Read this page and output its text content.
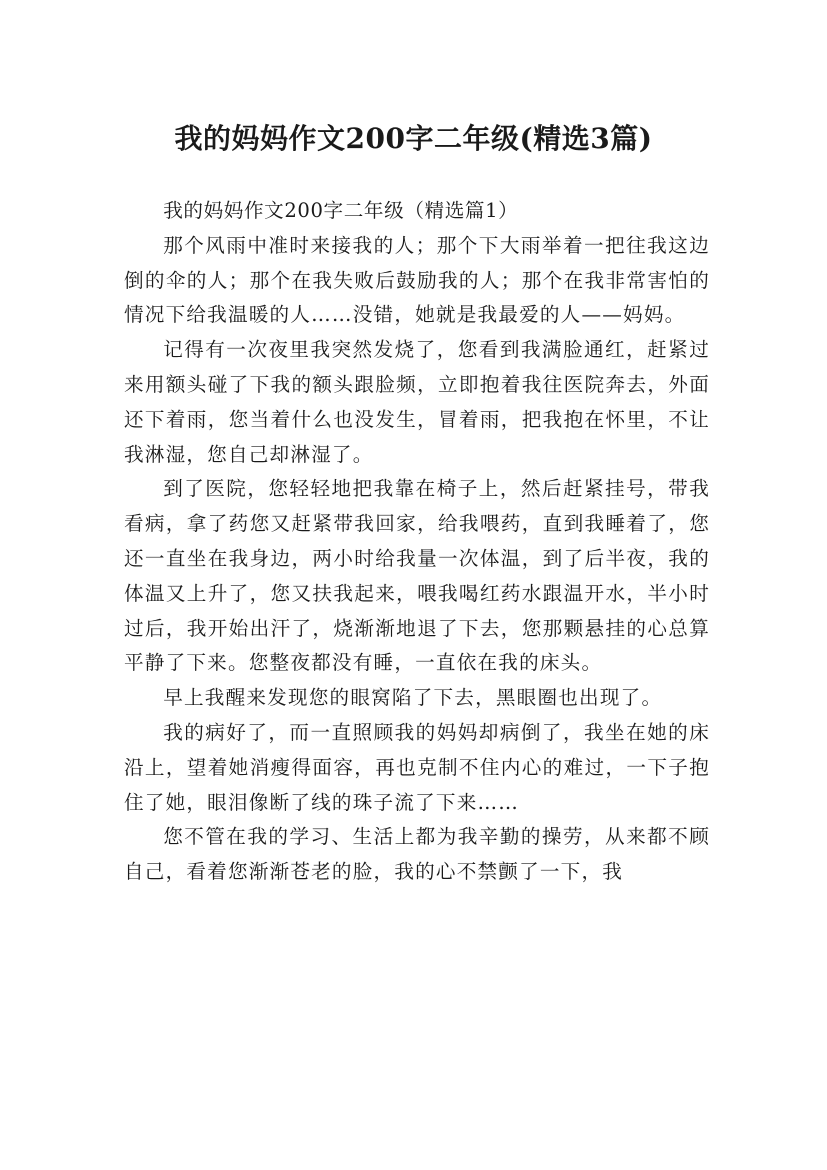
我的妈妈作文200字二年级(精选3篇)

我的妈妈作文200字二年级（精选篇1）

那个风雨中准时来接我的人；那个下大雨举着一把往我这边倒的伞的人；那个在我失败后鼓励我的人；那个在我非常害怕的情况下给我温暖的人……没错，她就是我最爱的人——妈妈。

记得有一次夜里我突然发烧了，您看到我满脸通红，赶紧过来用额头碰了下我的额头跟脸频，立即抱着我往医院奔去，外面还下着雨，您当着什么也没发生，冒着雨，把我抱在怀里，不让我淋湿，您自己却淋湿了。

到了医院，您轻轻地把我靠在椅子上，然后赶紧挂号，带我看病，拿了药您又赶紧带我回家，给我喂药，直到我睡着了，您还一直坐在我身边，两小时给我量一次体温，到了后半夜，我的体温又上升了，您又扶我起来，喂我喝红药水跟温开水，半小时过后，我开始出汗了，烧渐渐地退了下去，您那颗悬挂的心总算平静了下来。您整夜都没有睡，一直依在我的床头。

早上我醒来发现您的眼窝陷了下去，黑眼圈也出现了。

我的病好了，而一直照顾我的妈妈却病倒了，我坐在她的床沿上，望着她消瘦得面容，再也克制不住内心的难过，一下子抱住了她，眼泪像断了线的珠子流了下来……

您不管在我的学习、生活上都为我辛勤的操劳，从来都不顾自己，看着您渐渐苍老的脸，我的心不禁颤了一下，我
